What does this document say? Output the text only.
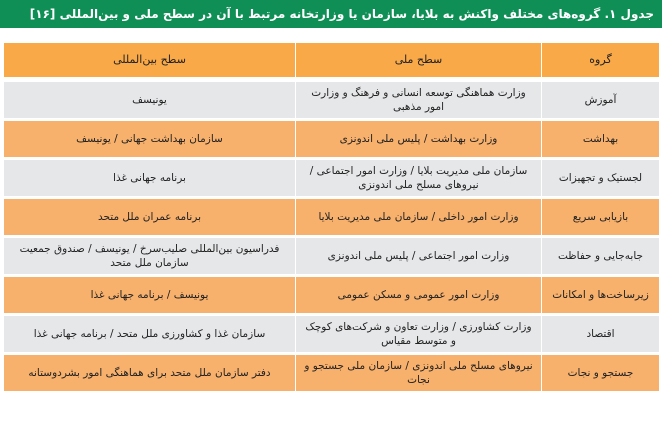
جدول ۱. گروه‌های مختلف واکنش به بلایا، سازمان یا وزارتخانه مرتبط با آن در سطح ملی و بین‌المللی [۱۶]
گروه	سطح ملی	سطح بین‌المللی
آموزش	وزارت هماهنگی توسعه انسانی و فرهنگ و وزارت امور مذهبی	یونیسف
بهداشت	وزارت بهداشت / پلیس ملی اندونزی	سازمان بهداشت جهانی / یونیسف
لجستیک و تجهیزات	سازمان ملی مدیریت بلایا / وزارت امور اجتماعی / نیروهای مسلح ملی اندونزی	برنامه جهانی غذا
بازیابی سریع	وزارت امور داخلی / سازمان ملی مدیریت بلایا	برنامه عمران ملل متحد
جابه‌جایی و حفاظت	وزارت امور اجتماعی / پلیس ملی اندونزی	فدراسیون بین‌المللی صلیب‌سرخ / یونیسف / صندوق جمعیت سازمان ملل متحد
زیرساخت‌ها و امکانات	وزارت امور عمومی و مسکن عمومی	یونیسف / برنامه جهانی غذا
اقتصاد	وزارت کشاورزی / وزارت تعاون و شرکت‌های کوچک و متوسط مقیاس	سازمان غذا و کشاورزی ملل متحد / برنامه جهانی غذا
جستجو و نجات	نیروهای مسلح ملی اندونزی / سازمان ملی جستجو و نجات	دفتر سازمان ملل متحد برای هماهنگی امور بشردوستانه
